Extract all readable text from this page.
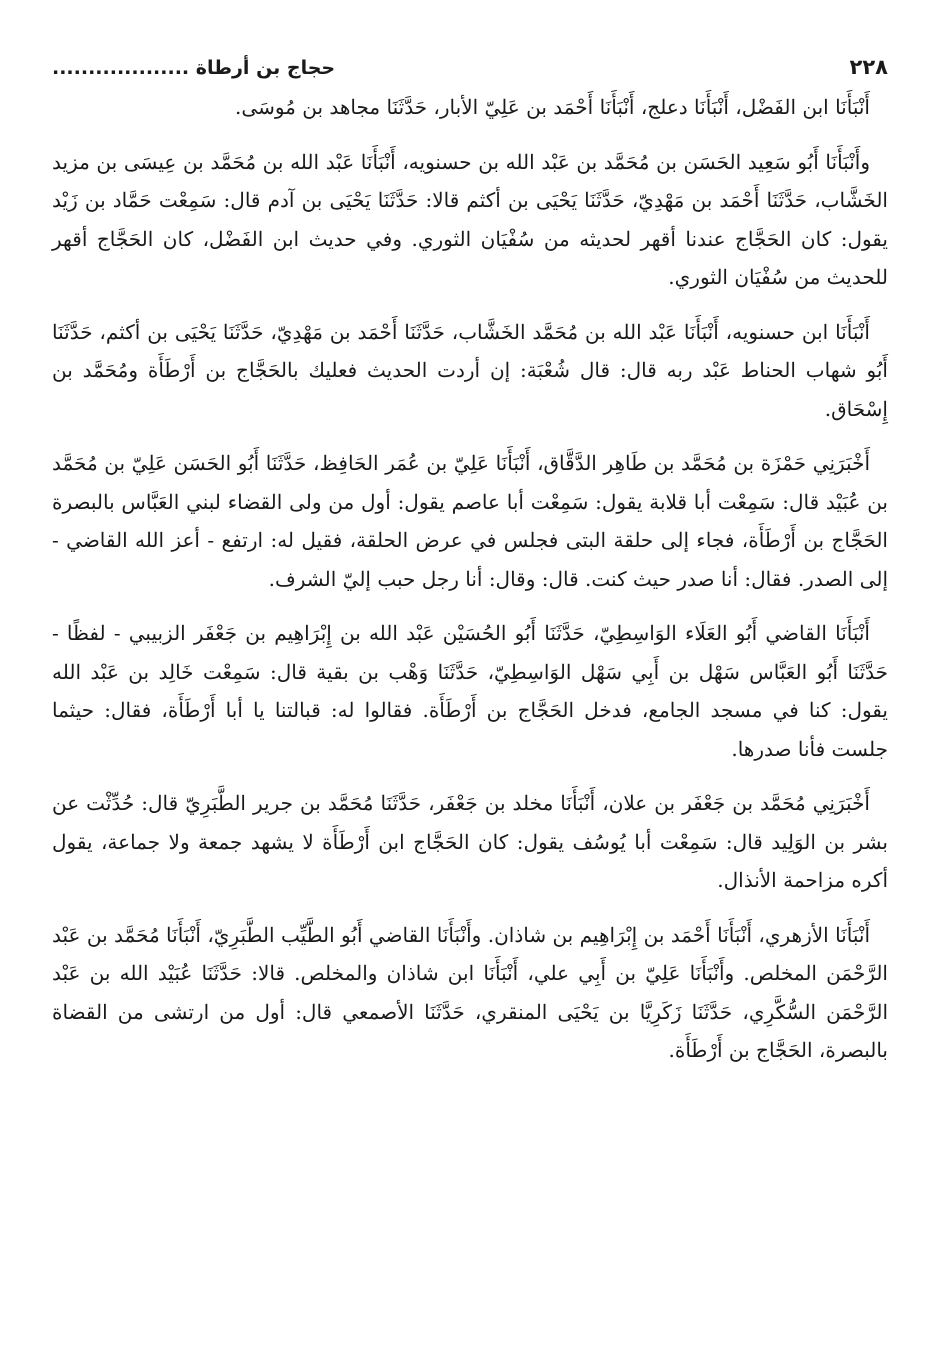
٢٢٨
حجاج بن أرطاة ...................

أَنْبَأَنَا ابن الفَضْل، أَنْبَأَنَا دعلج، أَنْبَأَنَا أَحْمَد بن عَلِيّ الأبار، حَدَّثَنَا مجاهد بن مُوسَى.

وأَنْبَأَنَا أَبُو سَعِيد الحَسَن بن مُحَمَّد بن عَبْد الله بن حسنويه، أَنْبَأَنَا عَبْد الله بن مُحَمَّد بن عِيسَى بن مزيد الخَشَّاب، حَدَّثَنَا أَحْمَد بن مَهْدِيّ، حَدَّثَنَا يَحْيَى بن أكثم قالا: حَدَّثَنَا يَحْيَى بن آدم قال: سَمِعْت حَمَّاد بن زَيْد يقول: كان الحَجَّاج عندنا أقهر لحديثه من سُفْيَان الثوري. وفي حديث ابن الفَضْل، كان الحَجَّاج أقهر للحديث من سُفْيَان الثوري.

أَنْبَأَنَا ابن حسنويه، أَنْبَأَنَا عَبْد الله بن مُحَمَّد الخَشَّاب، حَدَّثَنَا أَحْمَد بن مَهْدِيّ، حَدَّثَنَا يَحْيَى بن أكثم، حَدَّثَنَا أَبُو شهاب الحناط عَبْد ربه قال: قال شُعْبَة: إن أردت الحديث فعليك بالحَجَّاج بن أَرْطَأَة ومُحَمَّد بن إِسْحَاق.

أَخْبَرَنِي حَمْزَة بن مُحَمَّد بن طَاهِر الدَّقَّاق، أَنْبَأَنَا عَلِيّ بن عُمَر الحَافِظ، حَدَّثَنَا أَبُو الحَسَن عَلِيّ بن مُحَمَّد بن عُبَيْد قال: سَمِعْت أبا قلابة يقول: سَمِعْت أبا عاصم يقول: أول من ولى القضاء لبني العَبَّاس بالبصرة الحَجَّاج بن أَرْطَأَة، فجاء إلى حلقة البتى فجلس في عرض الحلقة، فقيل له: ارتفع - أعز الله القاضي - إلى الصدر. فقال: أنا صدر حيث كنت. قال: وقال: أنا رجل حبب إليّ الشرف.

أَنْبَأَنَا القاضي أَبُو العَلَاء الوَاسِطِيّ، حَدَّثَنَا أَبُو الحُسَيْن عَبْد الله بن إِبْرَاهِيم بن جَعْفَر الزبيبي - لفظًا - حَدَّثَنَا أَبُو العَبَّاس سَهْل بن أَبِي سَهْل الوَاسِطِيّ، حَدَّثَنَا وَهْب بن بقية قال: سَمِعْت خَالِد بن عَبْد الله يقول: كنا في مسجد الجامع، فدخل الحَجَّاج بن أَرْطَأَة. فقالوا له: قبالتنا يا أبا أَرْطَأَة، فقال: حيثما جلست فأنا صدرها.

أَخْبَرَنِي مُحَمَّد بن جَعْفَر بن علان، أَنْبَأَنَا مخلد بن جَعْفَر، حَدَّثَنَا مُحَمَّد بن جرير الطَّبَرِيّ قال: حُدِّثْت عن بشر بن الوَلِيد قال: سَمِعْت أبا يُوسُف يقول: كان الحَجَّاج ابن أَرْطَأَة لا يشهد جمعة ولا جماعة، يقول أكره مزاحمة الأنذال.

أَنْبَأَنَا الأزهري، أَنْبَأَنَا أَحْمَد بن إِبْرَاهِيم بن شاذان. وأَنْبَأَنَا القاضي أَبُو الطَّيِّب الطَّبَرِيّ، أَنْبَأَنَا مُحَمَّد بن عَبْد الرَّحْمَن المخلص. وأَنْبَأَنَا عَلِيّ بن أَبِي علي، أَنْبَأَنَا ابن شاذان والمخلص. قالا: حَدَّثَنَا عُبَيْد الله بن عَبْد الرَّحْمَن السُّكَّرِي، حَدَّثَنَا زَكَرِيَّا بن يَحْيَى المنقري، حَدَّثَنَا الأصمعي قال: أول من ارتشى من القضاة بالبصرة، الحَجَّاج بن أَرْطَأَة.
